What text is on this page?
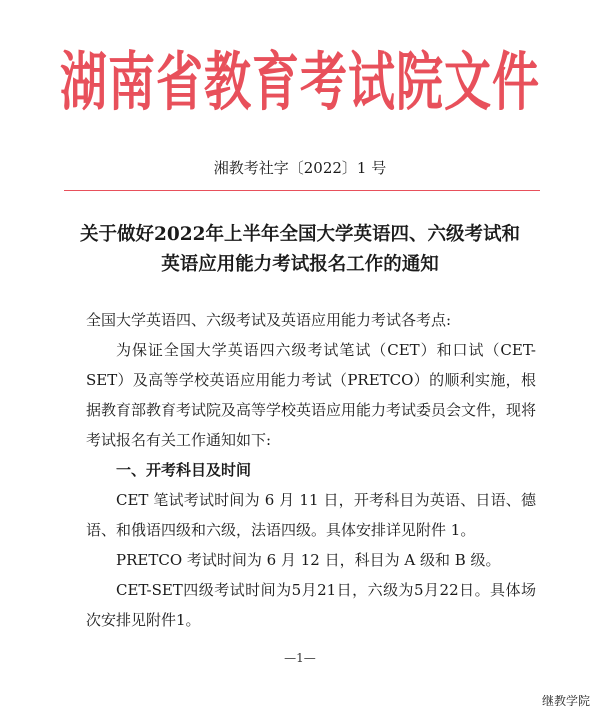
湖南省教育考试院文件
湘教考社字〔2022〕1 号
关于做好2022年上半年全国大学英语四、六级考试和
英语应用能力考试报名工作的通知

全国大学英语四、六级考试及英语应用能力考试各考点:

为保证全国大学英语四六级考试笔试（CET）和口试（CET-SET）及高等学校英语应用能力考试（PRETCO）的顺利实施，根据教育部教育考试院及高等学校英语应用能力考试委员会文件，现将考试报名有关工作通知如下:

一、开考科目及时间

CET 笔试考试时间为 6 月 11 日，开考科目为英语、日语、德语、和俄语四级和六级，法语四级。具体安排详见附件 1。

PRETCO 考试时间为 6 月 12 日，科目为 A 级和 B 级。

CET-SET四级考试时间为5月21日，六级为5月22日。具体场次安排见附件1。

—1—
继教学院
